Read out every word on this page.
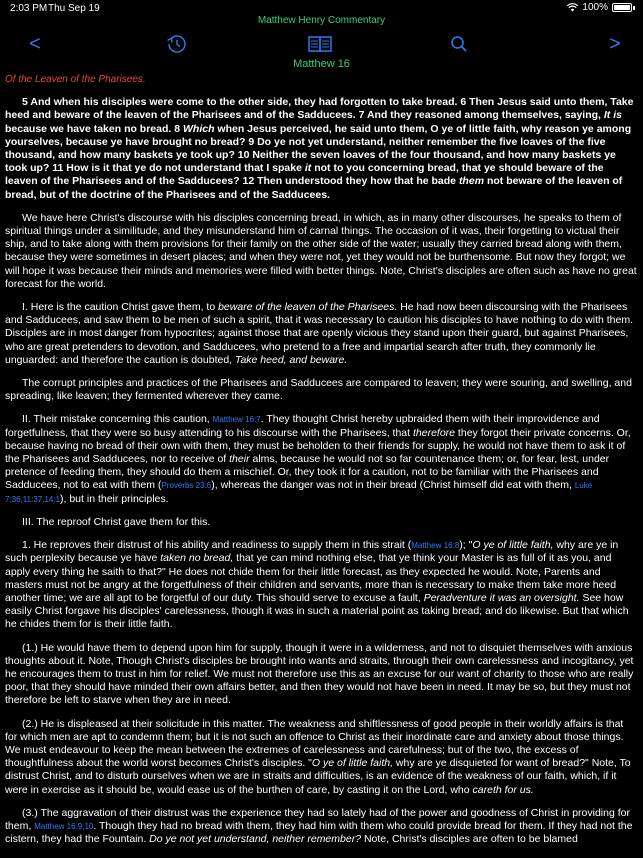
2:03 PM Thu Sep 19	100%
Matthew Henry Commentary
<	>
Matthew 16
Of the Leaven of the Pharisees.

5 And when his disciples were come to the other side, they had forgotten to take bread. 6 Then Jesus said unto them, Take heed and beware of the leaven of the Pharisees and of the Sadducees. 7 And they reasoned among themselves, saying, It is because we have taken no bread. 8 Which when Jesus perceived, he said unto them, O ye of little faith, why reason ye among yourselves, because ye have brought no bread? 9 Do ye not yet understand, neither remember the five loaves of the five thousand, and how many baskets ye took up? 10 Neither the seven loaves of the four thousand, and how many baskets ye took up? 11 How is it that ye do not understand that I spake it not to you concerning bread, that ye should beware of the leaven of the Pharisees and of the Sadducees? 12 Then understood they how that he bade them not beware of the leaven of bread, but of the doctrine of the Pharisees and of the Sadducees.

We have here Christ's discourse with his disciples concerning bread, in which, as in many other discourses, he speaks to them of spiritual things under a similitude, and they misunderstand him of carnal things. The occasion of it was, their forgetting to victual their ship, and to take along with them provisions for their family on the other side of the water; usually they carried bread along with them, because they were sometimes in desert places; and when they were not, yet they would not be burthensome. But now they forgot; we will hope it was because their minds and memories were filled with better things. Note, Christ's disciples are often such as have no great forecast for the world.

I. Here is the caution Christ gave them, to beware of the leaven of the Pharisees. He had now been discoursing with the Pharisees and Sadducees, and saw them to be men of such a spirit, that it was necessary to caution his disciples to have nothing to do with them. Disciples are in most danger from hypocrites; against those that are openly vicious they stand upon their guard, but against Pharisees, who are great pretenders to devotion, and Sadducees, who pretend to a free and impartial search after truth, they commonly lie unguarded: and therefore the caution is doubted, Take heed, and beware.

The corrupt principles and practices of the Pharisees and Sadducees are compared to leaven; they were souring, and swelling, and spreading, like leaven; they fermented wherever they came.

II. Their mistake concerning this caution, Matthew 16:7. They thought Christ hereby upbraided them with their improvidence and forgetfulness, that they were so busy attending to his discourse with the Pharisees, that therefore they forgot their private concerns. Or, because having no bread of their own with them, they must be beholden to their friends for supply, he would not have them to ask it of the Pharisees and Sadducees, nor to receive of their alms, because he would not so far countenance them; or, for fear, lest, under pretence of feeding them, they should do them a mischief. Or, they took it for a caution, not to be familiar with the Pharisees and Sadducees, not to eat with them (Proverbs 23:6), whereas the danger was not in their bread (Christ himself did eat with them, Luke 7:36,11:37,14:1), but in their principles.

III. The reproof Christ gave them for this.

1. He reproves their distrust of his ability and readiness to supply them in this strait (Matthew 16:8); "O ye of little faith, why are ye in such perplexity because ye have taken no bread, that ye can mind nothing else, that ye think your Master is as full of it as you, and apply every thing he saith to that?" He does not chide them for their little forecast, as they expected he would. Note, Parents and masters must not be angry at the forgetfulness of their children and servants, more than is necessary to make them take more heed another time; we are all apt to be forgetful of our duty. This should serve to excuse a fault, Peradventure it was an oversight. See how easily Christ forgave his disciples' carelessness, though it was in such a material point as taking bread; and do likewise. But that which he chides them for is their little faith.

(1.) He would have them to depend upon him for supply, though it were in a wilderness, and not to disquiet themselves with anxious thoughts about it. Note, Though Christ's disciples be brought into wants and straits, through their own carelessness and incogitancy, yet he encourages them to trust in him for relief. We must not therefore use this as an excuse for our want of charity to those who are really poor, that they should have minded their own affairs better, and then they would not have been in need. It may be so, but they must not therefore be left to starve when they are in need.

(2.) He is displeased at their solicitude in this matter. The weakness and shiftlessness of good people in their worldly affairs is that for which men are apt to condemn them; but it is not such an offence to Christ as their inordinate care and anxiety about those things. We must endeavour to keep the mean between the extremes of carelessness and carefulness; but of the two, the excess of thoughtfulness about the world worst becomes Christ's disciples. "O ye of little faith, why are ye disquieted for want of bread?" Note, To distrust Christ, and to disturb ourselves when we are in straits and difficulties, is an evidence of the weakness of our faith, which, if it were in exercise as it should be, would ease us of the burthen of care, by casting it on the Lord, who careth for us.

(3.) The aggravation of their distrust was the experience they had so lately had of the power and goodness of Christ in providing for them, Matthew 16:9,10. Though they had no bread with them, they had him with them who could provide bread for them. If they had not the cistern, they had the Fountain. Do ye not yet understand, neither remember? Note, Christ's disciples are often to be blamed
